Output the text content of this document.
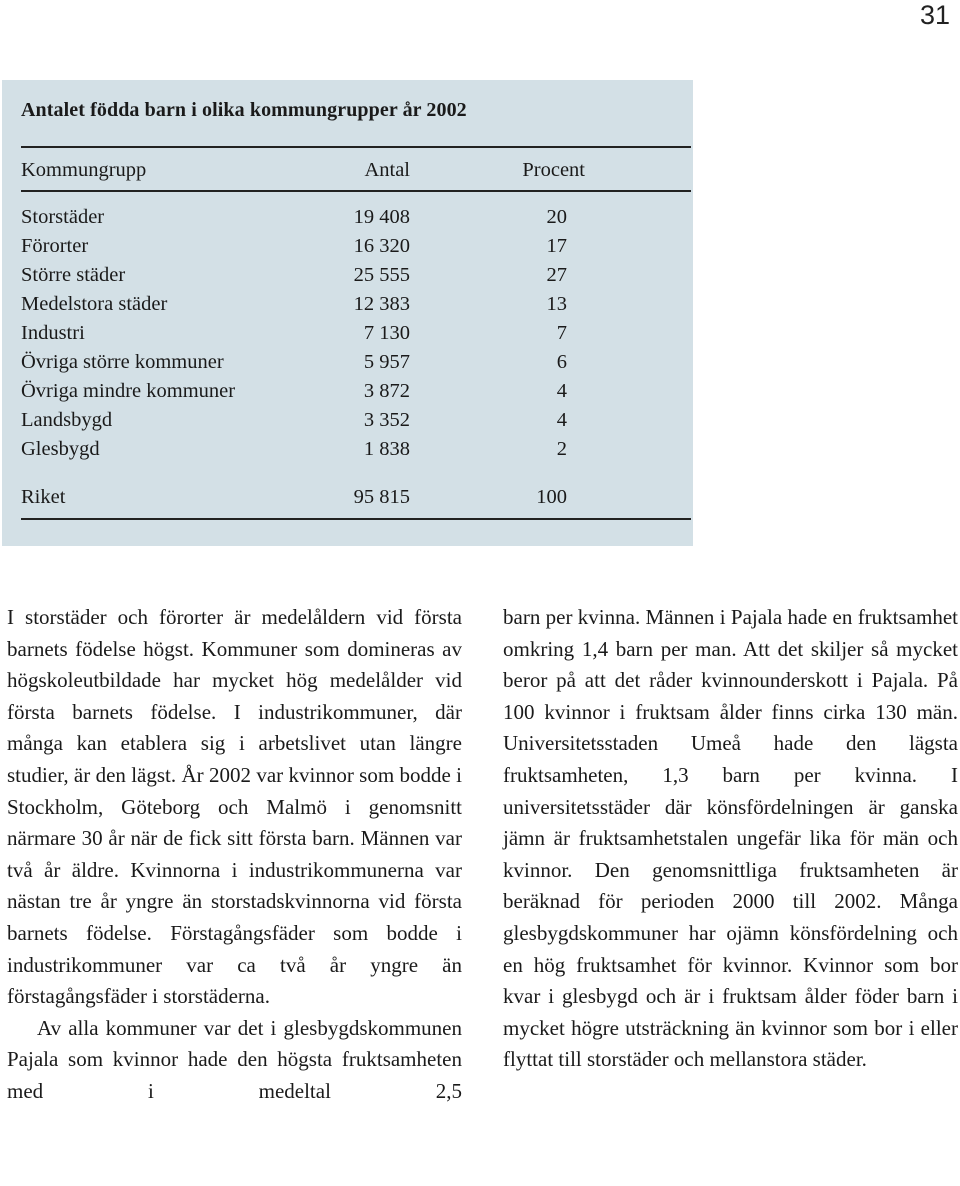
31
Antalet födda barn i olika kommungrupper år 2002
Kommungrupp	Antal	Procent
Storstäder	19 408	20
Förorter	16 320	17
Större städer	25 555	27
Medelstora städer	12 383	13
Industri	7 130	7
Övriga större kommuner	5 957	6
Övriga mindre kommuner	3 872	4
Landsbygd	3 352	4
Glesbygd	1 838	2
Riket	95 815	100

I storstäder och förorter är medelåldern vid första barnets födelse högst. Kommuner som domineras av högskoleutbildade har mycket hög medelålder vid första barnets födelse. I industrikommuner, där många kan etablera sig i arbetslivet utan längre studier, är den lägst. År 2002 var kvinnor som bodde i Stockholm, Göteborg och Malmö i genomsnitt närmare 30 år när de fick sitt första barn. Männen var två år äldre. Kvinnorna i industrikommunerna var nästan tre år yngre än storstadskvinnorna vid första barnets födelse. Förstagångsfäder som bodde i industrikommuner var ca två år yngre än förstagångsfäder i storstäderna.

Av alla kommuner var det i glesbygdskommunen Pajala som kvinnor hade den högsta fruktsamheten med i medeltal 2,5

barn per kvinna. Männen i Pajala hade en fruktsamhet omkring 1,4 barn per man. Att det skiljer så mycket beror på att det råder kvinnounderskott i Pajala. På 100 kvinnor i fruktsam ålder finns cirka 130 män. Universitetsstaden Umeå hade den lägsta fruktsamheten, 1,3 barn per kvinna. I universitetsstäder där könsfördelningen är ganska jämn är fruktsamhetstalen ungefär lika för män och kvinnor. Den genomsnittliga fruktsamheten är beräknad för perioden 2000 till 2002. Många glesbygdskommuner har ojämn könsfördelning och en hög fruktsamhet för kvinnor. Kvinnor som bor kvar i glesbygd och är i fruktsam ålder föder barn i mycket högre utsträckning än kvinnor som bor i eller flyttat till storstäder och mellanstora städer.
